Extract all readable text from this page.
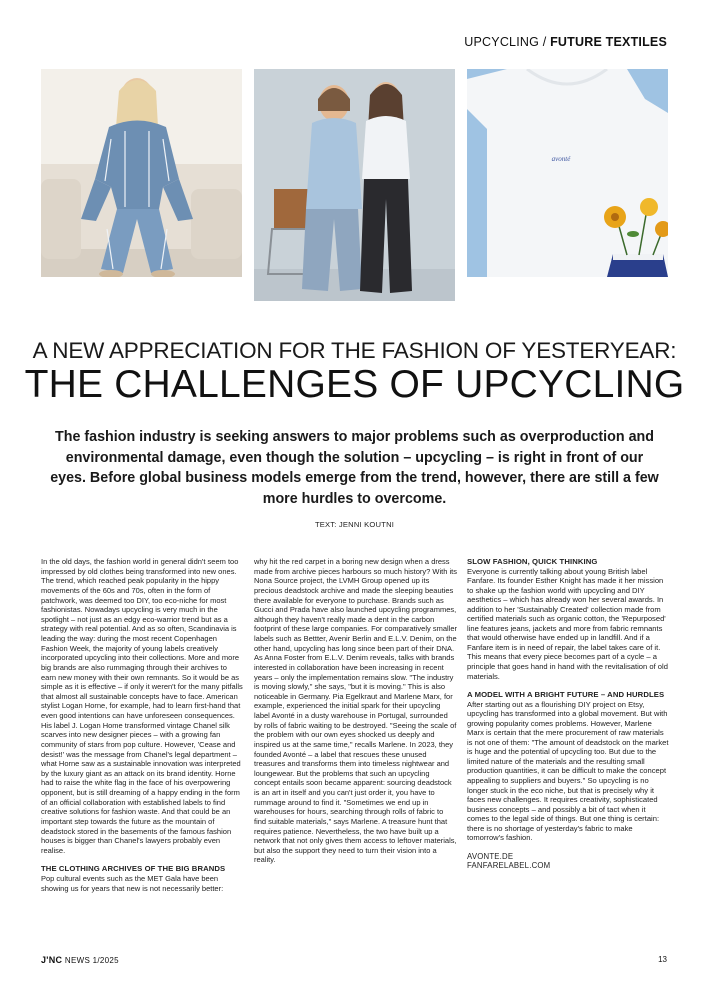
UPCYCLING / FUTURE TEXTILES
avonté
A NEW APPRECIATION FOR THE FASHION OF YESTERYEAR:
THE CHALLENGES OF UPCYCLING
The fashion industry is seeking answers to major problems such as overproduction and environmental damage, even though the solution – upcycling – is right in front of our eyes. Before global business models emerge from the trend, however, there are still a few more hurdles to overcome.
TEXT: JENNI KOUTNI

In the old days, the fashion world in general didn't seem too impressed by old clothes being transformed into new ones. The trend, which reached peak popularity in the hippy movements of the 60s and 70s, often in the form of patchwork, was deemed too DIY, too eco-niche for most fashionistas. Nowadays upcycling is very much in the spotlight – not just as an edgy eco-warrior trend but as a strategy with real potential. And as so often, Scandinavia is leading the way: during the most recent Copenhagen Fashion Week, the majority of young labels creatively incorporated upcycling into their collections. More and more big brands are also rummaging through their archives to earn new money with their own remnants. So it would be as simple as it is effective – if only it weren't for the many pitfalls that almost all sustainable concepts have to face. American stylist Logan Horne, for example, had to learn first-hand that even good intentions can have unforeseen consequences. His label J. Logan Home transformed vintage Chanel silk scarves into new designer pieces – with a growing fan community of stars from pop culture. However, 'Cease and desist!' was the message from Chanel's legal department – what Horne saw as a sustainable innovation was interpreted by the luxury giant as an attack on its brand identity. Horne had to raise the white flag in the face of his overpowering opponent, but is still dreaming of a happy ending in the form of an official collaboration with established labels to find creative solutions for fashion waste. And that could be an important step towards the future as the mountain of deadstock stored in the basements of the famous fashion houses is bigger than Chanel's lawyers probably even realise.

THE CLOTHING ARCHIVES OF THE BIG BRANDS

Pop cultural events such as the MET Gala have been showing us for years that new is not necessarily better:

why hit the red carpet in a boring new design when a dress made from archive pieces harbours so much history? With its Nona Source project, the LVMH Group opened up its precious deadstock archive and made the sleeping beauties there available for everyone to purchase. Brands such as Gucci and Prada have also launched upcycling programmes, although they haven't really made a dent in the carbon footprint of these large companies. For comparatively smaller labels such as Bettter, Avenir Berlin and E.L.V. Denim, on the other hand, upcycling has long since been part of their DNA. As Anna Foster from E.L.V. Denim reveals, talks with brands interested in collaboration have been increasing in recent years – only the implementation remains slow. "The industry is moving slowly," she says, "but it is moving." This is also noticeable in Germany. Pia Egelkraut and Marlene Marx, for example, experienced the initial spark for their upcycling label Avonté in a dusty warehouse in Portugal, surrounded by rolls of fabric waiting to be destroyed. "Seeing the scale of the problem with our own eyes shocked us deeply and inspired us at the same time," recalls Marlene. In 2023, they founded Avonté – a label that rescues these unused treasures and transforms them into timeless nightwear and loungewear. But the problems that such an upcycling concept entails soon became apparent: sourcing deadstock is an art in itself and you can't just order it, you have to rummage around to find it. "Sometimes we end up in warehouses for hours, searching through rolls of fabric to find suitable materials," says Marlene. A treasure hunt that requires patience. Nevertheless, the two have built up a network that not only gives them access to leftover materials, but also the support they need to turn their vision into a reality.

SLOW FASHION, QUICK THINKING

Everyone is currently talking about young British label Fanfare. Its founder Esther Knight has made it her mission to shake up the fashion world with upcycling and DIY aesthetics – which has already won her several awards. In addition to her 'Sustainably Created' collection made from certified materials such as organic cotton, the 'Repurposed' line features jeans, jackets and more from fabric remnants that would otherwise have ended up in landfill. And if a Fanfare item is in need of repair, the label takes care of it. This means that every piece becomes part of a cycle – a principle that goes hand in hand with the revitalisation of old materials.

A MODEL WITH A BRIGHT FUTURE – AND HURDLES

After starting out as a flourishing DIY project on Etsy, upcycling has transformed into a global movement. But with growing popularity comes problems. However, Marlene Marx is certain that the mere procurement of raw materials is not one of them: "The amount of deadstock on the market is huge and the potential of upcycling too. But due to the limited nature of the materials and the resulting small production quantities, it can be difficult to make the concept appealing to suppliers and buyers." So upcycling is no longer stuck in the eco niche, but that is precisely why it faces new challenges. It requires creativity, sophisticated business concepts – and possibly a bit of tact when it comes to the legal side of things. But one thing is certain: there is no shortage of yesterday's fabric to make tomorrow's fashion.

AVONTE.DE

FANFARELABEL.COM

J'NC NEWS 1/2025	13
